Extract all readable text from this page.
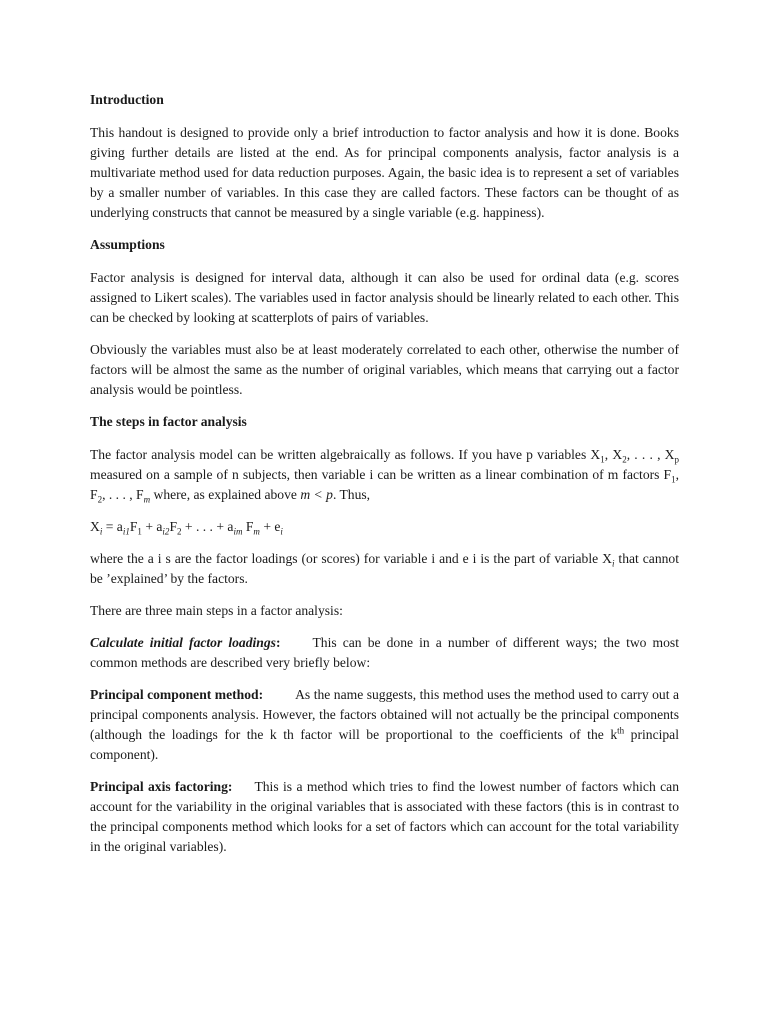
Introduction

This handout is designed to provide only a brief introduction to factor analysis and how it is done. Books giving further details are listed at the end. As for principal components analysis, factor analysis is a multivariate method used for data reduction purposes. Again, the basic idea is to represent a set of variables by a smaller number of variables. In this case they are called factors. These factors can be thought of as underlying constructs that cannot be measured by a single variable (e.g. happiness).

Assumptions

Factor analysis is designed for interval data, although it can also be used for ordinal data (e.g. scores assigned to Likert scales). The variables used in factor analysis should be linearly related to each other. This can be checked by looking at scatterplots of pairs of variables.

Obviously the variables must also be at least moderately correlated to each other, otherwise the number of factors will be almost the same as the number of original variables, which means that carrying out a factor analysis would be pointless.

The steps in factor analysis

The factor analysis model can be written algebraically as follows. If you have p variables $X_1$, $X_2$, . . . , $X_p$ measured on a sample of n subjects, then variable i can be written as a linear combination of m factors $F_1$, $F_2$, . . . , $F_m$ where, as explained above m < p. Thus,

$X_i = a_{i1}F_1 + a_{i2}F_2$ + . . . + $a_{im}$ $F_m + e_i$

where the a i s are the factor loadings (or scores) for variable i and e i is the part of variable $X_i$ that cannot be ’explained’ by the factors.

There are three main steps in a factor analysis:

Calculate initial factor loadings: This can be done in a number of different ways; the two most common methods are described very briefly below:

Principal component method: As the name suggests, this method uses the method used to carry out a principal components analysis. However, the factors obtained will not actually be the principal components (although the loadings for the k th factor will be proportional to the coefficients of the $k^{th}$ principal component).

Principal axis factoring: This is a method which tries to find the lowest number of factors which can account for the variability in the original variables that is associated with these factors (this is in contrast to the principal components method which looks for a set of factors which can account for the total variability in the original variables).
